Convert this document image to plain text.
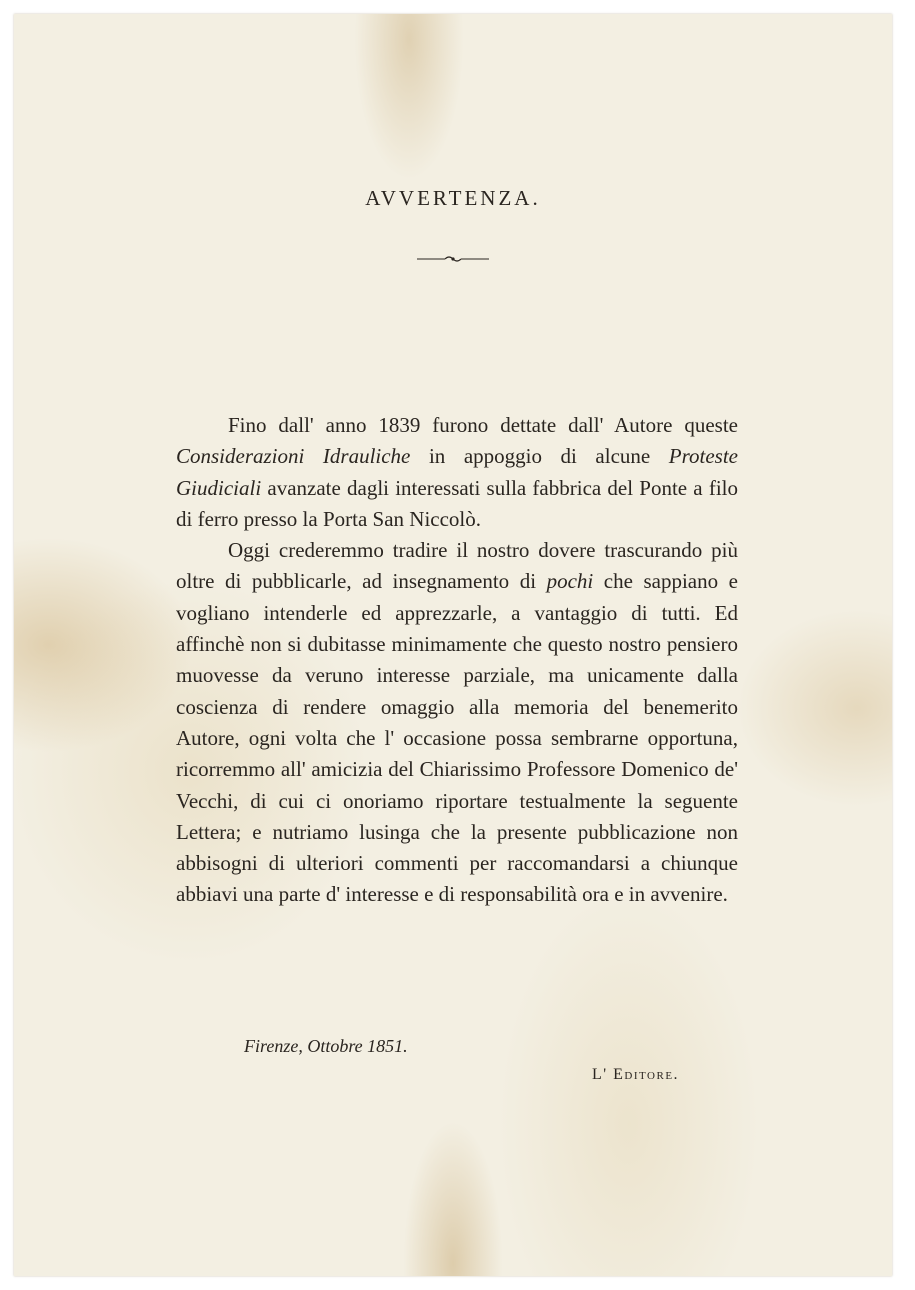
AVVERTENZA.

Fino dall' anno 1839 furono dettate dall' Autore queste Considerazioni Idrauliche in appoggio di alcune Proteste Giudiciali avanzate dagli interessati sulla fabbrica del Ponte a filo di ferro presso la Porta San Niccolò.

Oggi crederemmo tradire il nostro dovere trascurando più oltre di pubblicarle, ad insegnamento di pochi che sappiano e vogliano intenderle ed apprezzarle, a vantaggio di tutti. Ed affinchè non si dubitasse minimamente che questo nostro pensiero muovesse da veruno interesse parziale, ma unicamente dalla coscienza di rendere omaggio alla memoria del benemerito Autore, ogni volta che l' occasione possa sembrarne opportuna, ricorremmo all' amicizia del Chiarissimo Professore Domenico de' Vecchi, di cui ci onoriamo riportare testualmente la seguente Lettera; e nutriamo lusinga che la presente pubblicazione non abbisogni di ulteriori commenti per raccomandarsi a chiunque abbiavi una parte d' interesse e di responsabilità ora e in avvenire.

Firenze, Ottobre 1851.
L' Editore.
